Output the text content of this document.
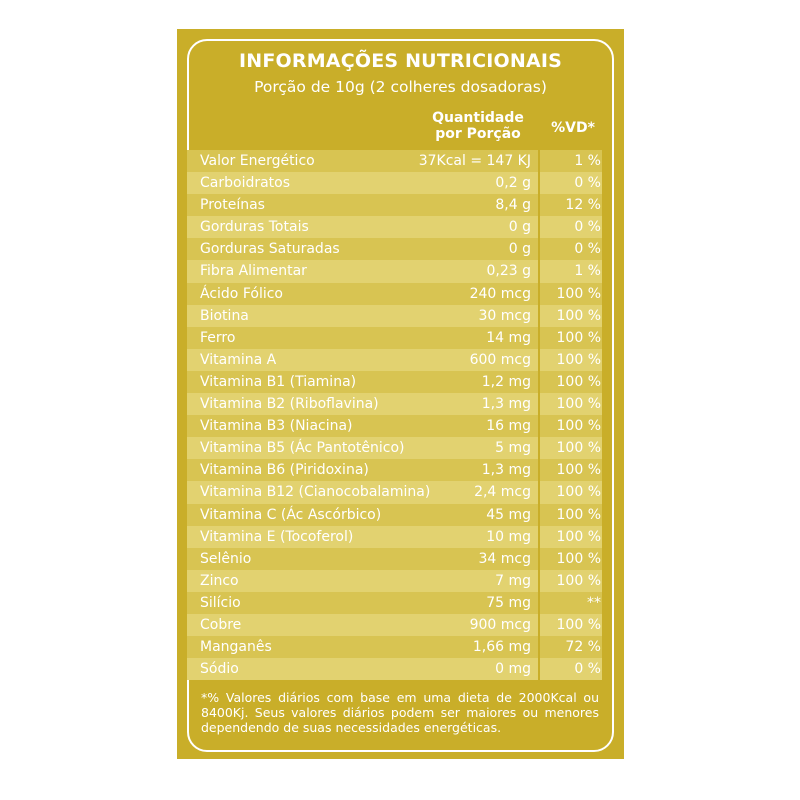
INFORMAÇÕES NUTRICIONAIS
Porção de 10g (2 colheres dosadoras)
Quantidade
por Porção	%VD*
Valor Energético	37Kcal = 147 KJ	1 %
Carboidratos	0,2 g	0 %
Proteínas	8,4 g 12 %
Gorduras Totais	0 g	0 %
Gorduras Saturadas	0 g	0 %
Fibra Alimentar	0,23 g	1 %
Ácido Fólico	240 mcg 100 %
Biotina	30 mcg 100 %
Ferro	14 mg 100 %
Vitamina A	600 mcg 100 %
Vitamina B1 (Tiamina)	1,2 mg 100 %
Vitamina B2 (Riboflavina)	1,3 mg 100 %
Vitamina B3 (Niacina)	16 mg 100 %
Vitamina B5 (Ác Pantotênico)	5 mg 100 %
Vitamina B6 (Piridoxina)	1,3 mg 100 %
Vitamina B12 (Cianocobalamina)	2,4 mcg 100 %
Vitamina C (Ác Ascórbico)	45 mg 100 %
Vitamina E (Tocoferol)	10 mg 100 %
Selênio	34 mcg 100 %
Zinco	7 mg 100 %
Silício	75 mg	**
Cobre	900 mcg 100 %
Manganês	1,66 mg 72 %
Sódio	0 mg	0 %
*% Valores diários com base em uma dieta de 2000Kcal ou 8400Kj. Seus valores diários podem ser maiores ou menores dependendo de suas necessidades energéticas.
